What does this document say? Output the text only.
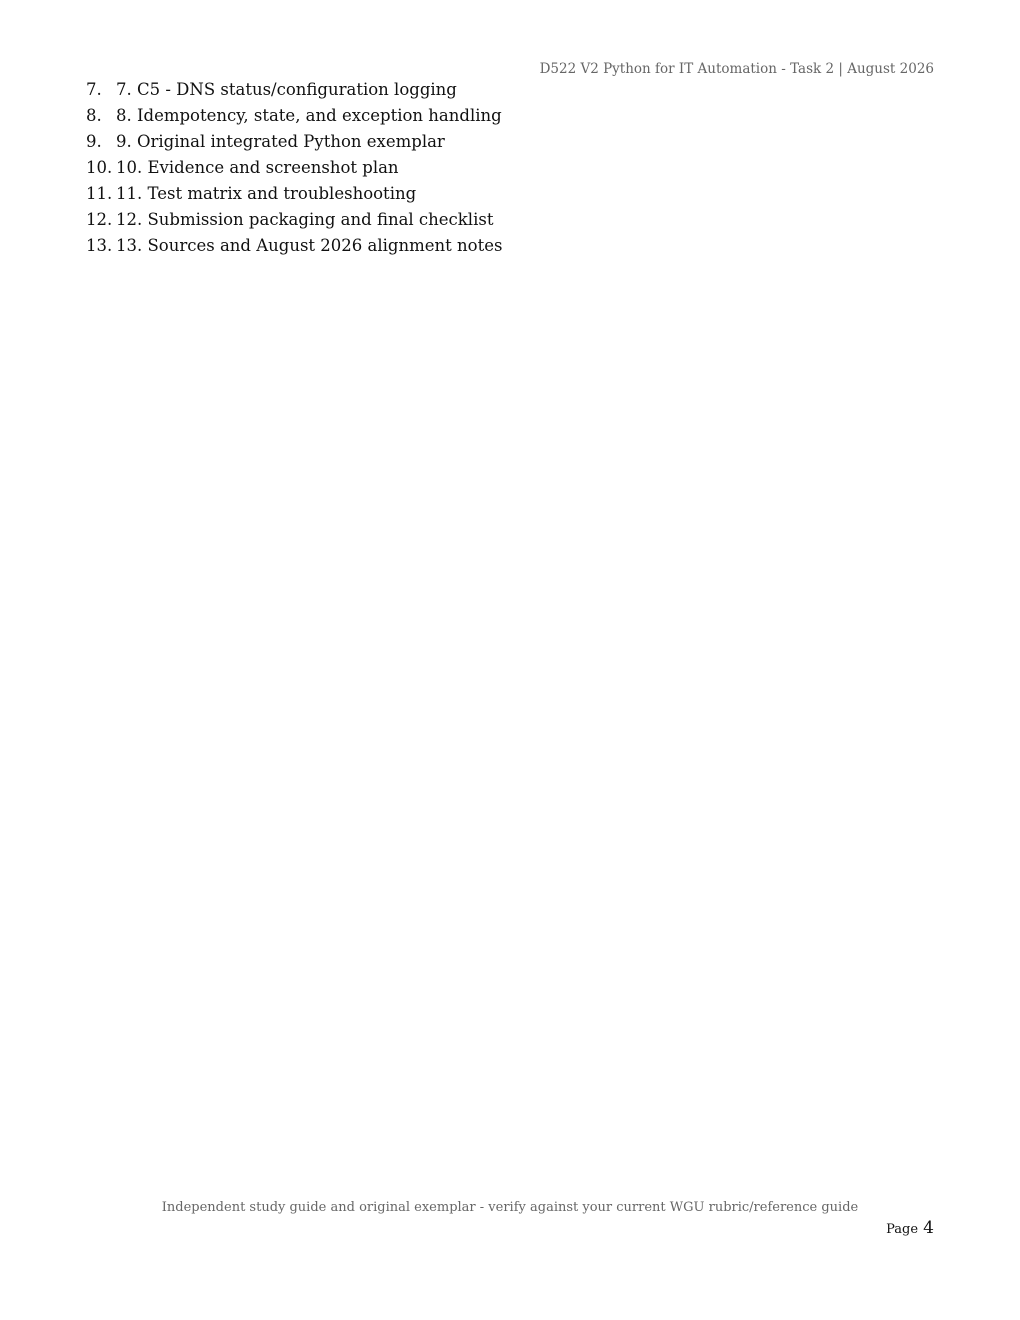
D522 V2 Python for IT Automation - Task 2 | August 2026
7. 7. C5 - DNS status/configuration logging
8. 8. Idempotency, state, and exception handling
9. 9. Original integrated Python exemplar
10. 10. Evidence and screenshot plan
11. 11. Test matrix and troubleshooting
12. 12. Submission packaging and final checklist
13. 13. Sources and August 2026 alignment notes
Independent study guide and original exemplar - verify against your current WGU rubric/reference guide
Page 4
